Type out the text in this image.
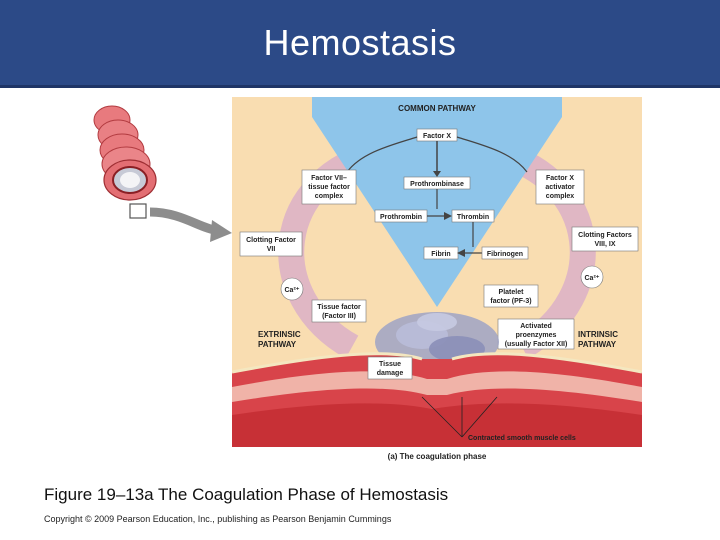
Hemostasis
COMMON PATHWAY
Factor X
Prothrombinase
Prothrombin	Thrombin
Fibrin	Fibrinogen
Factor VII–
tissue factor
complex
Factor X
activator
complex
Clotting Factor
VII
Clotting Factors
VIII, IX
Ca²⁺
Ca²⁺
Tissue factor
(Factor III)
Platelet
factor (PF-3)
EXTRINSIC
PATHWAY
INTRINSIC
PATHWAY
Activated
proenzymes
(usually Factor XII)
Tissue
damage
Contracted smooth muscle cells
(a) The coagulation phase
Figure 19–13a The Coagulation Phase of Hemostasis
Copyright © 2009 Pearson Education, Inc., publishing as Pearson Benjamin Cummings
